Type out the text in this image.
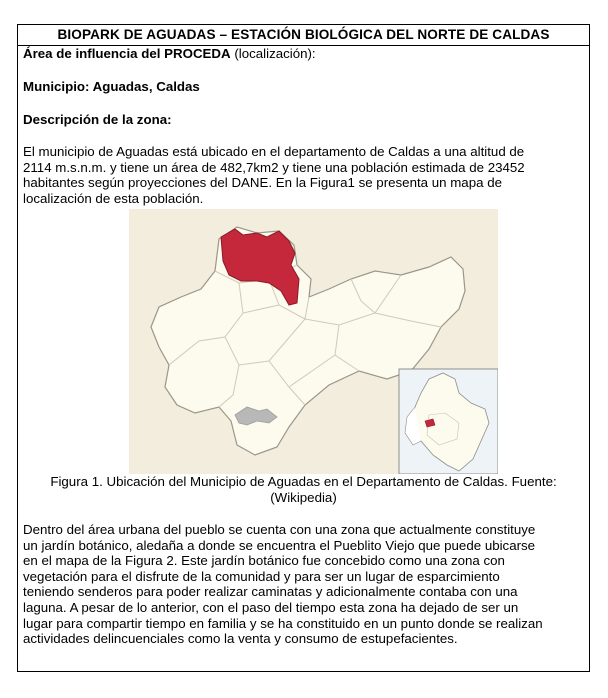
BIOPARK DE AGUADAS – ESTACIÓN BIOLÓGICA DEL NORTE DE CALDAS
Área de influencia del PROCEDA (localización):
Municipio: Aguadas, Caldas
Descripción de la zona:
El municipio de Aguadas está ubicado en el departamento de Caldas a una altitud de
2114 m.s.n.m. y tiene un área de 482,7km2 y tiene una población estimada de 23452
habitantes según proyecciones del DANE. En la Figura1 se presenta un mapa de
localización de esta población.
Figura 1. Ubicación del Municipio de Aguadas en el Departamento de Caldas. Fuente:
(Wikipedia)
Dentro del área urbana del pueblo se cuenta con una zona que actualmente constituye
un jardín botánico, aledaña a donde se encuentra el Pueblito Viejo que puede ubicarse
en el mapa de la Figura 2. Este jardín botánico fue concebido como una zona con
vegetación para el disfrute de la comunidad y para ser un lugar de esparcimiento
teniendo senderos para poder realizar caminatas y adicionalmente contaba con una
laguna. A pesar de lo anterior, con el paso del tiempo esta zona ha dejado de ser un
lugar para compartir tiempo en familia y se ha constituido en un punto donde se realizan
actividades delincuenciales como la venta y consumo de estupefacientes.
